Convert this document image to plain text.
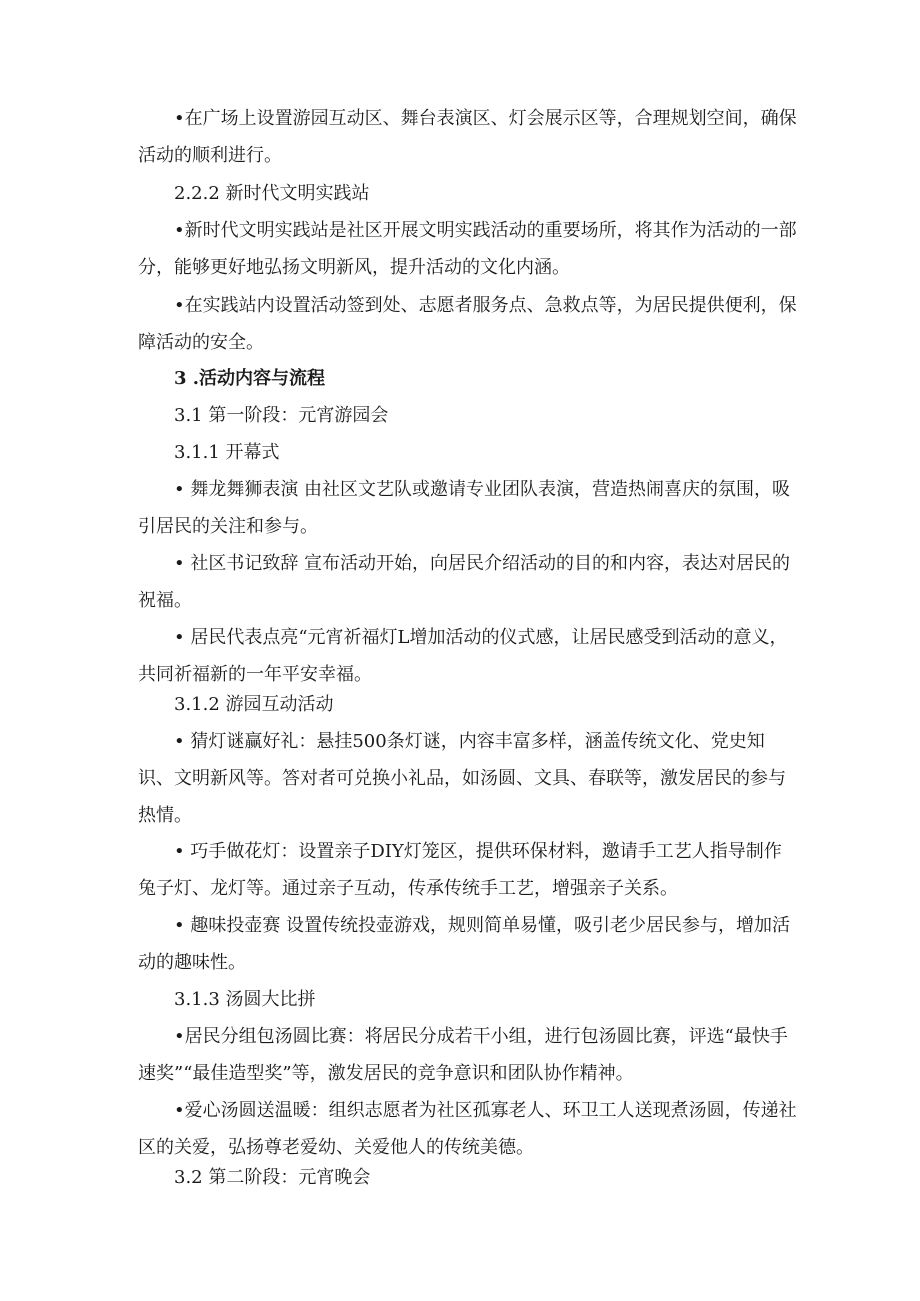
•在广场上设置游园互动区、舞台表演区、灯会展示区等，合理规划空间，确保活动的顺利进行。

2.2.2 新时代文明实践站

•新时代文明实践站是社区开展文明实践活动的重要场所，将其作为活动的一部分，能够更好地弘扬文明新风，提升活动的文化内涵。

•在实践站内设置活动签到处、志愿者服务点、急救点等，为居民提供便利，保障活动的安全。

3 .活动内容与流程

3.1 第一阶段：元宵游园会

3.1.1 开幕式

• 舞龙舞狮表演 由社区文艺队或邀请专业团队表演，营造热闹喜庆的氛围，吸引居民的关注和参与。

• 社区书记致辞 宣布活动开始，向居民介绍活动的目的和内容，表达对居民的祝福。

• 居民代表点亮“元宵祈福灯L增加活动的仪式感，让居民感受到活动的意义，共同祈福新的一年平安幸福。

3.1.2 游园互动活动

• 猜灯谜赢好礼：悬挂500条灯谜，内容丰富多样，涵盖传统文化、党史知识、文明新风等。答对者可兑换小礼品，如汤圆、文具、春联等，激发居民的参与热情。

• 巧手做花灯：设置亲子DIY灯笼区，提供环保材料，邀请手工艺人指导制作兔子灯、龙灯等。通过亲子互动，传承传统手工艺，增强亲子关系。

• 趣味投壶赛 设置传统投壶游戏，规则简单易懂，吸引老少居民参与，增加活动的趣味性。

3.1.3 汤圆大比拼

•居民分组包汤圆比赛：将居民分成若干小组，进行包汤圆比赛，评选“最快手速奖”“最佳造型奖”等，激发居民的竞争意识和团队协作精神。

•爱心汤圆送温暖：组织志愿者为社区孤寡老人、环卫工人送现煮汤圆，传递社区的关爱，弘扬尊老爱幼、关爱他人的传统美德。

3.2 第二阶段：元宵晚会
